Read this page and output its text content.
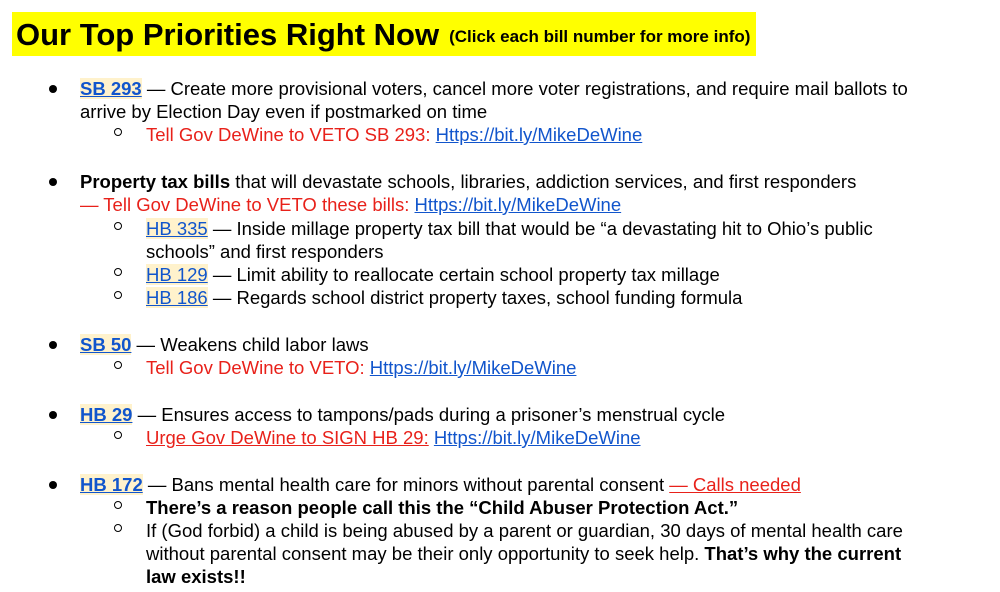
Our Top Priorities Right Now (Click each bill number for more info)
SB 293 — Create more provisional voters, cancel more voter registrations, and require mail ballots to
arrive by Election Day even if postmarked on time
Tell Gov DeWine to VETO SB 293: Https://bit.ly/MikeDeWine
Property tax bills that will devastate schools, libraries, addiction services, and first responders
— Tell Gov DeWine to VETO these bills: Https://bit.ly/MikeDeWine
HB 335 — Inside millage property tax bill that would be “a devastating hit to Ohio’s public
schools” and first responders
HB 129 — Limit ability to reallocate certain school property tax millage
HB 186 — Regards school district property taxes, school funding formula
SB 50 — Weakens child labor laws
Tell Gov DeWine to VETO: Https://bit.ly/MikeDeWine
HB 29 — Ensures access to tampons/pads during a prisoner’s menstrual cycle
Urge Gov DeWine to SIGN HB 29: Https://bit.ly/MikeDeWine
HB 172 — Bans mental health care for minors without parental consent — Calls needed
There’s a reason people call this the “Child Abuser Protection Act.”
If (God forbid) a child is being abused by a parent or guardian, 30 days of mental health care
without parental consent may be their only opportunity to seek help. That’s why the current
law exists!!
